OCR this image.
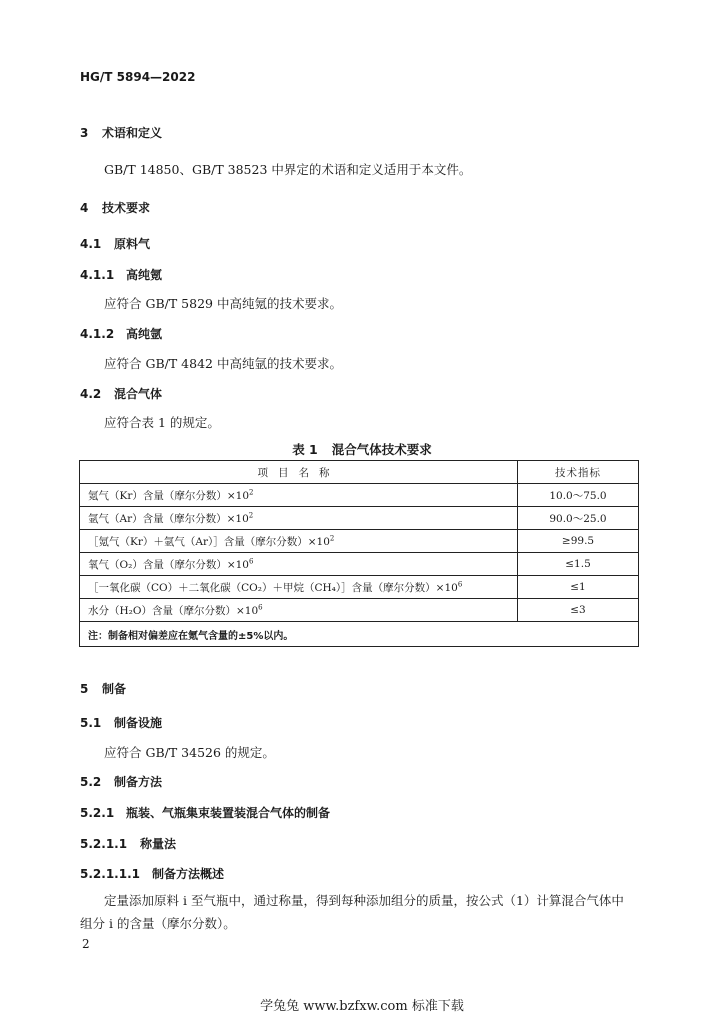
HG/T 5894—2022
3 术语和定义
GB/T 14850、GB/T 38523 中界定的术语和定义适用于本文件。
4 技术要求
4.1 原料气
4.1.1 高纯氪
应符合 GB/T 5829 中高纯氪的技术要求。
4.1.2 高纯氩
应符合 GB/T 4842 中高纯氩的技术要求。
4.2 混合气体
应符合表 1 的规定。
表 1 混合气体技术要求
项目名称	技术指标
氪气（Kr）含量（摩尔分数）$\times 10^2$	10.0～75.0
氩气（Ar）含量（摩尔分数）$\times 10^2$	90.0～25.0
［氪气（Kr）＋氩气（Ar）］含量（摩尔分数）$\times 10^2$	≥99.5
氧气（O₂）含量（摩尔分数）$\times 10^6$	≤1.5
［一氧化碳（CO）＋二氧化碳（CO₂）＋甲烷（CH₄）］含量（摩尔分数）$\times 10^6$	≤1
水分（H₂O）含量（摩尔分数）$\times 10^6$	≤3
注：制备相对偏差应在氪气含量的±5%以内。	
5 制备
5.1 制备设施
应符合 GB/T 34526 的规定。
5.2 制备方法
5.2.1 瓶装、气瓶集束装置装混合气体的制备
5.2.1.1 称量法
5.2.1.1.1 制备方法概述
定量添加原料 i 至气瓶中，通过称量，得到每种添加组分的质量，按公式（1）计算混合气体中
组分 i 的含量（摩尔分数）。
2
学兔兔 www.bzfxw.com 标准下载
